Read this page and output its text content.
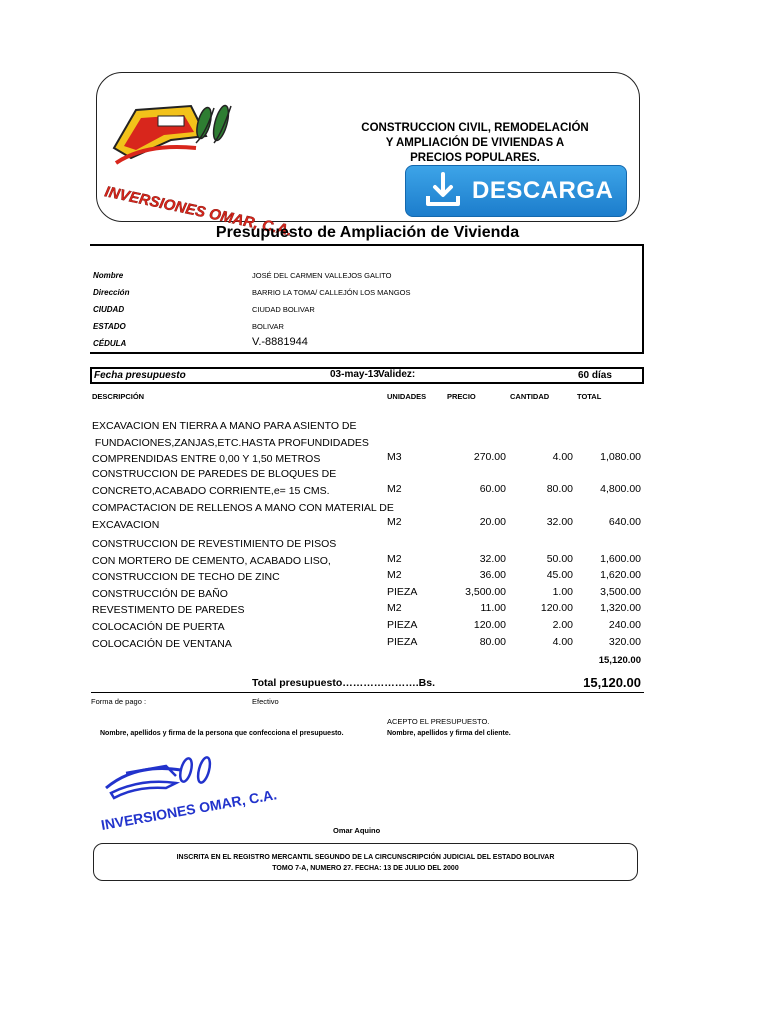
INVERSIONES OMAR, C.A.
CONSTRUCCION CIVIL, REMODELACIÓN
Y AMPLIACIÓN DE VIVIENDAS A
PRECIOS POPULARES.
DESCARGA
Presupuesto de Ampliación de Vivienda
Nombre	JOSÉ DEL CARMEN VALLEJOS GALITO
Dirección	BARRIO LA TOMA/ CALLEJÓN LOS MANGOS
CIUDAD	CIUDAD BOLIVAR
ESTADO	BOLIVAR
CÉDULA	V.-8881944
Fecha presupuesto	03-may-13 Validez:	60 días
DESCRIPCIÓN	UNIDADES	PRECIO	CANTIDAD	TOTAL
EXCAVACION EN TIERRA A MANO PARA ASIENTO DE
FUNDACIONES,ZANJAS,ETC.HASTA PROFUNDIDADES
COMPRENDIDAS ENTRE 0,00 Y 1,50 METROS	M3	270.00	4.00	1,080.00
CONSTRUCCION DE PAREDES DE BLOQUES DE
CONCRETO,ACABADO CORRIENTE,e= 15 CMS.	M2	60.00	80.00	4,800.00
COMPACTACION DE RELLENOS A MANO CON MATERIAL DE
EXCAVACION	M2	20.00	32.00	640.00
CONSTRUCCION DE REVESTIMIENTO DE PISOS
CON MORTERO DE CEMENTO, ACABADO LISO,	M2	32.00	50.00	1,600.00
CONSTRUCCION DE TECHO DE ZINC	M2	36.00	45.00	1,620.00
CONSTRUCCIÓN DE BAÑO	PIEZA	3,500.00	1.00	3,500.00
REVESTIMENTO DE PAREDES	M2	11.00	120.00	1,320.00
COLOCACIÓN DE PUERTA	PIEZA	120.00	2.00	240.00
COLOCACIÓN DE VENTANA	PIEZA	80.00	4.00	320.00
15,120.00
Total presupuesto………………….Bs.	15,120.00
Forma de pago :	Efectivo
ACEPTO EL PRESUPUESTO.
Nombre, apellidos y firma de la persona que confecciona el presupuesto.	Nombre, apellidos y firma del cliente.
INVERSIONES OMAR, C.A.	Omar Aquino
INSCRITA EN EL REGISTRO MERCANTIL SEGUNDO DE LA CIRCUNSCRIPCIÓN JUDICIAL DEL ESTADO BOLIVAR
TOMO 7-A, NUMERO 27. FECHA: 13 DE JULIO DEL 2000
